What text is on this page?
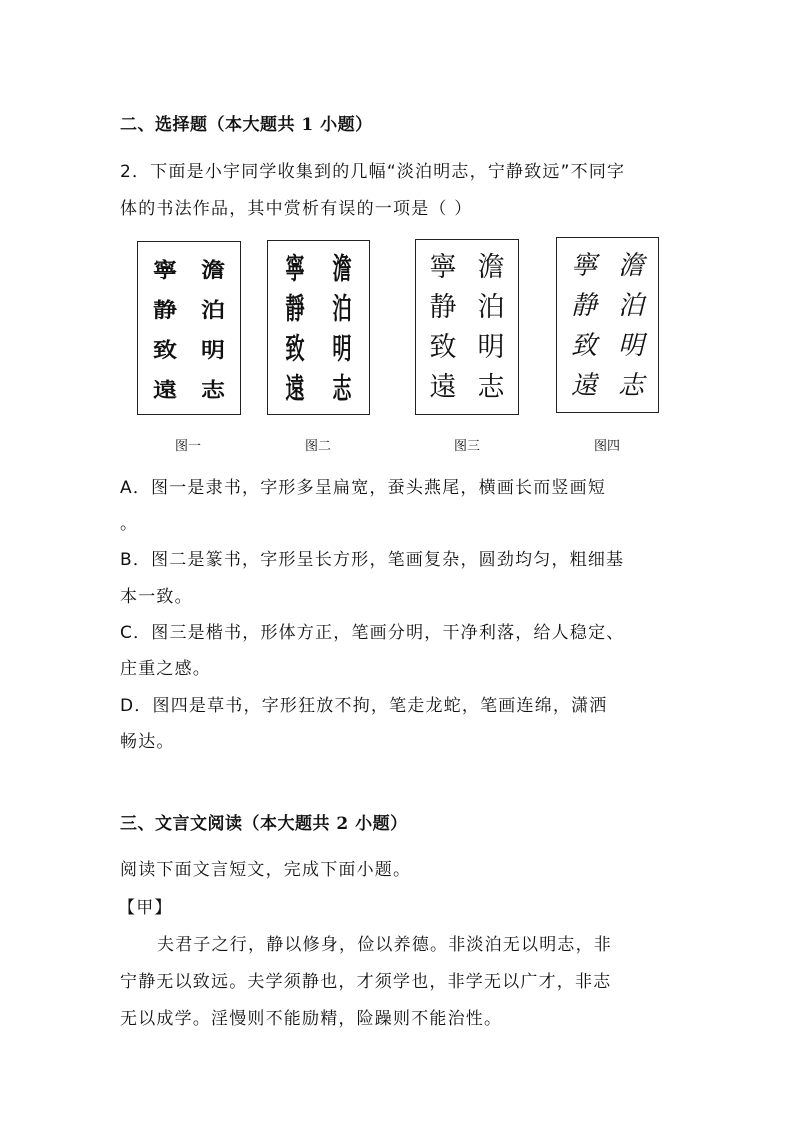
二、选择题（本大题共 1 小题）
2．下面是小宇同学收集到的几幅“淡泊明志，宁静致远”不同字
体的书法作品，其中赏析有误的一项是（ ）
澹
泊
明
志
寧
静
致
遠
图一
澹
泊
明
志
寧
靜
致
遠
图二
澹
泊
明
志
寧
静
致
遠
图三
澹
泊
明
志
寧
静
致
遠
图四
A．图一是隶书，字形多呈扁宽，蚕头燕尾，横画长而竖画短
。
B．图二是篆书，字形呈长方形，笔画复杂，圆劲均匀，粗细基
本一致。
C．图三是楷书，形体方正，笔画分明，干净利落，给人稳定、
庄重之感。
D．图四是草书，字形狂放不拘，笔走龙蛇，笔画连绵，潇洒
畅达。
三、文言文阅读（本大题共 2 小题）
阅读下面文言短文，完成下面小题。
【甲】
夫君子之行，静以修身，俭以养德。非淡泊无以明志，非
宁静无以致远。夫学须静也，才须学也，非学无以广才，非志
无以成学。淫慢则不能励精，险躁则不能治性。
